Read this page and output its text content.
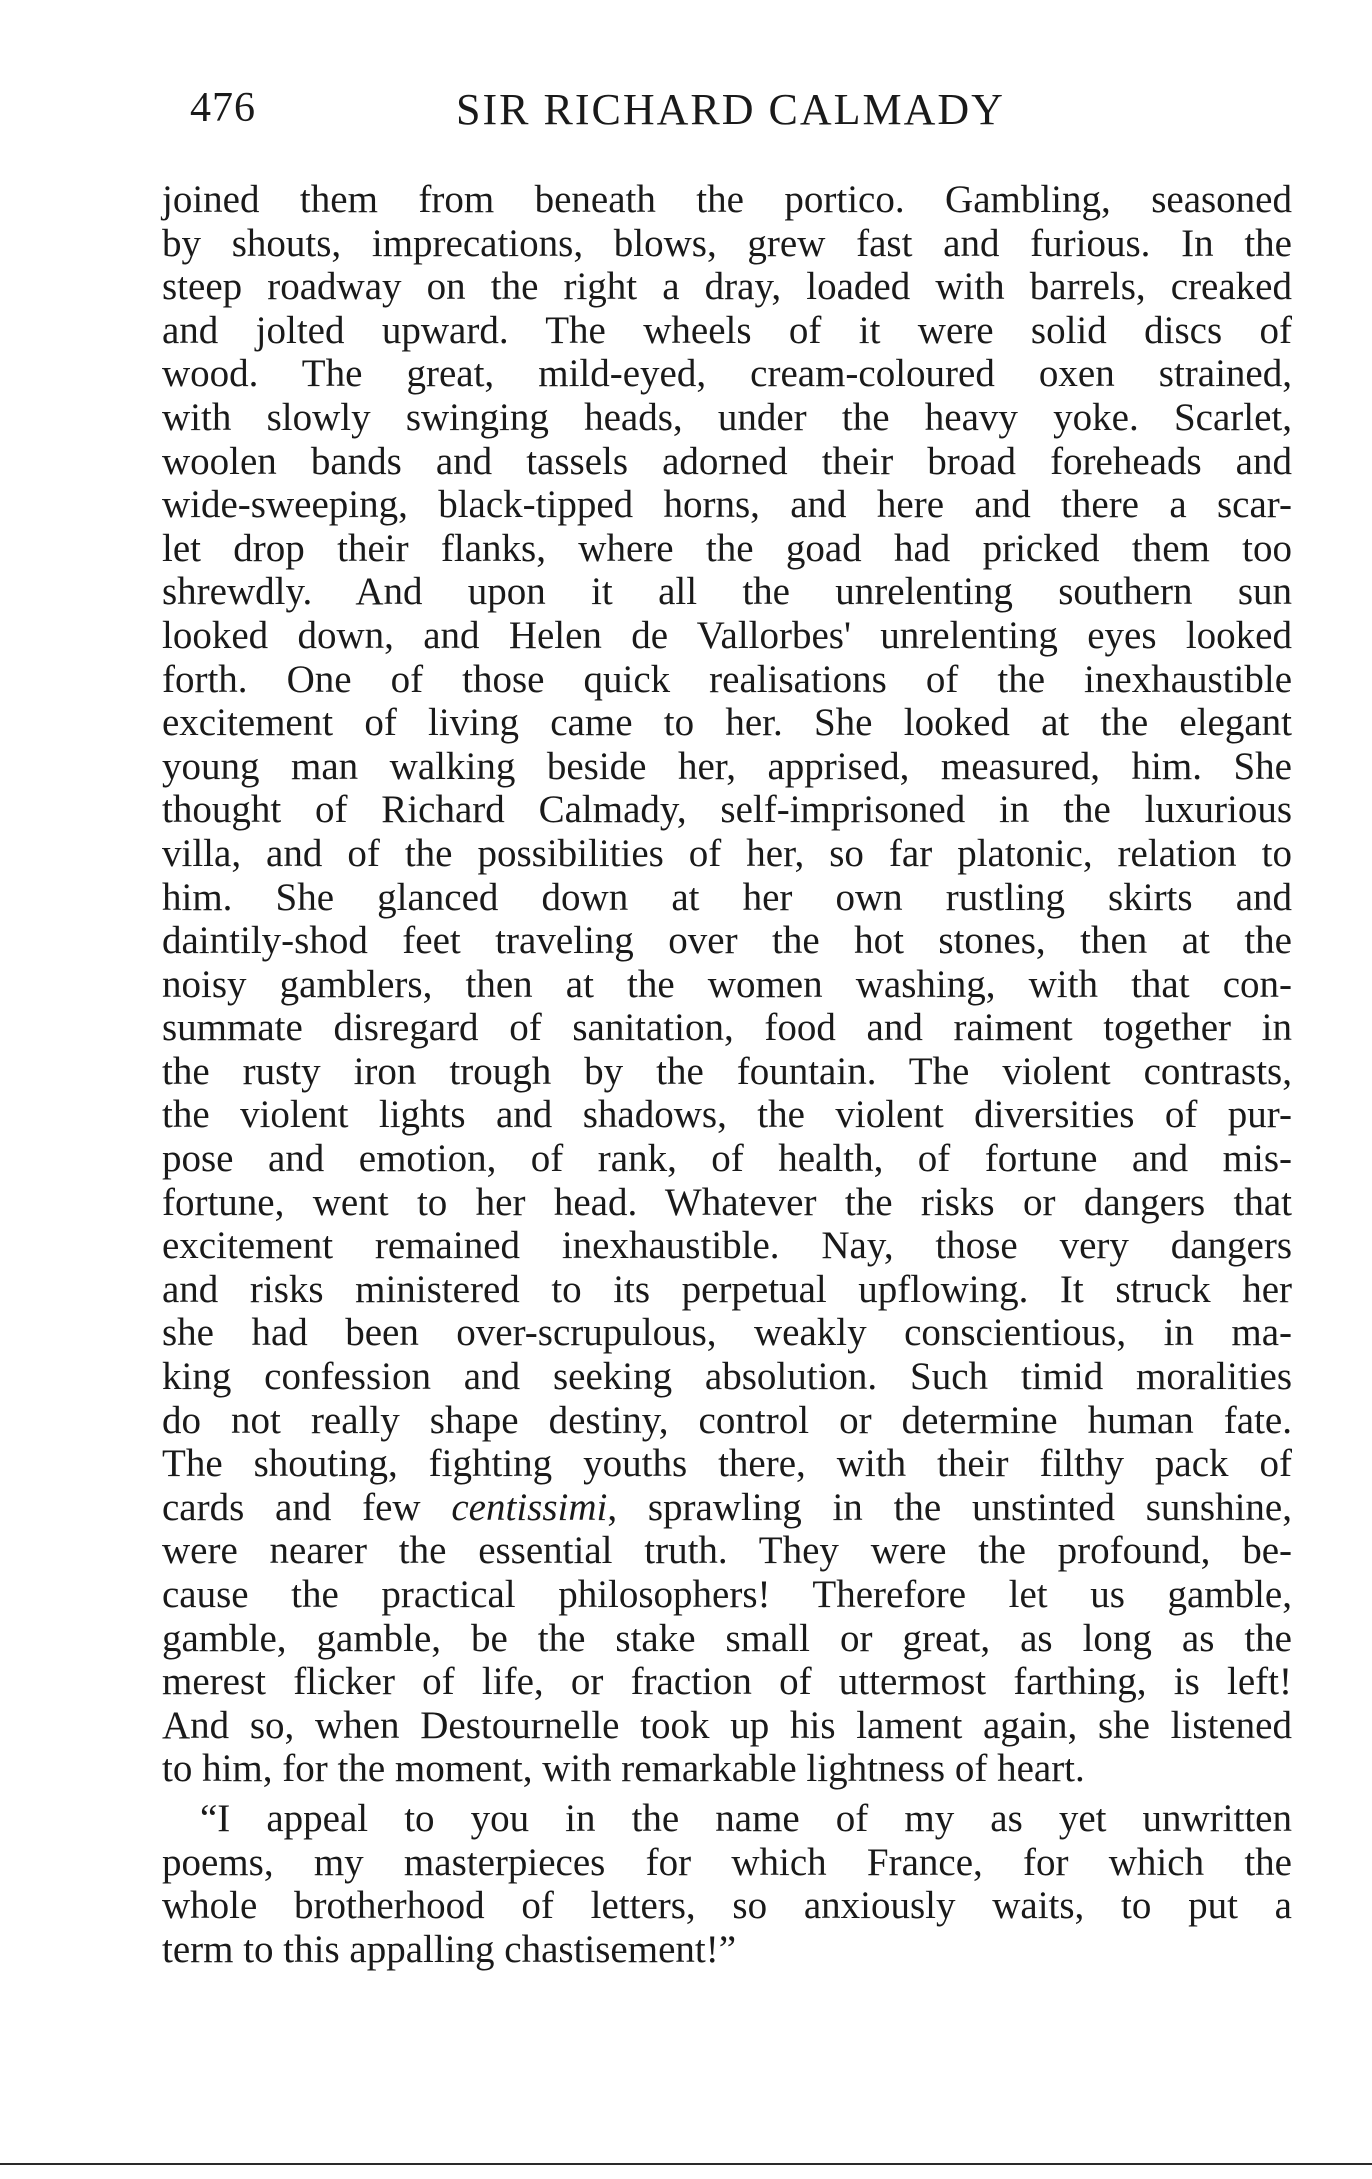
476	SIR RICHARD CALMADY
joined them from beneath the portico. Gambling, seasoned
by shouts, imprecations, blows, grew fast and furious. In the
steep roadway on the right a dray, loaded with barrels, creaked
and jolted upward. The wheels of it were solid discs of
wood. The great, mild-eyed, cream-coloured oxen strained,
with slowly swinging heads, under the heavy yoke. Scarlet,
woolen bands and tassels adorned their broad foreheads and
wide-sweeping, black-tipped horns, and here and there a scar-
let drop their flanks, where the goad had pricked them too
shrewdly. And upon it all the unrelenting southern sun
looked down, and Helen de Vallorbes' unrelenting eyes looked
forth. One of those quick realisations of the inexhaustible
excitement of living came to her. She looked at the elegant
young man walking beside her, apprised, measured, him. She
thought of Richard Calmady, self-imprisoned in the luxurious
villa, and of the possibilities of her, so far platonic, relation to
him. She glanced down at her own rustling skirts and
daintily-shod feet traveling over the hot stones, then at the
noisy gamblers, then at the women washing, with that con-
summate disregard of sanitation, food and raiment together in
the rusty iron trough by the fountain. The violent contrasts,
the violent lights and shadows, the violent diversities of pur-
pose and emotion, of rank, of health, of fortune and mis-
fortune, went to her head. Whatever the risks or dangers that
excitement remained inexhaustible. Nay, those very dangers
and risks ministered to its perpetual upflowing. It struck her
she had been over-scrupulous, weakly conscientious, in ma-
king confession and seeking absolution. Such timid moralities
do not really shape destiny, control or determine human fate.
The shouting, fighting youths there, with their filthy pack of
cards and few centissimi, sprawling in the unstinted sunshine,
were nearer the essential truth. They were the profound, be-
cause the practical philosophers! Therefore let us gamble,
gamble, gamble, be the stake small or great, as long as the
merest flicker of life, or fraction of uttermost farthing, is left!
And so, when Destournelle took up his lament again, she listened
to him, for the moment, with remarkable lightness of heart.
“I appeal to you in the name of my as yet unwritten
poems, my masterpieces for which France, for which the
whole brotherhood of letters, so anxiously waits, to put a
term to this appalling chastisement!”
